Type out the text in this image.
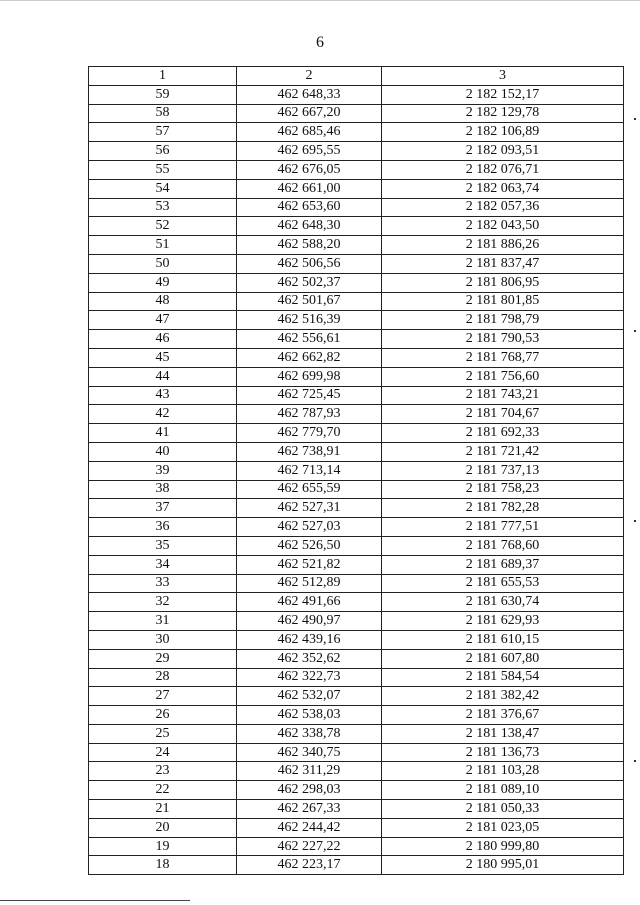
6
1	2	3
59	462 648,33	2 182 152,17
58	462 667,20	2 182 129,78
57	462 685,46	2 182 106,89
56	462 695,55	2 182 093,51
55	462 676,05	2 182 076,71
54	462 661,00	2 182 063,74
53	462 653,60	2 182 057,36
52	462 648,30	2 182 043,50
51	462 588,20	2 181 886,26
50	462 506,56	2 181 837,47
49	462 502,37	2 181 806,95
48	462 501,67	2 181 801,85
47	462 516,39	2 181 798,79
46	462 556,61	2 181 790,53
45	462 662,82	2 181 768,77
44	462 699,98	2 181 756,60
43	462 725,45	2 181 743,21
42	462 787,93	2 181 704,67
41	462 779,70	2 181 692,33
40	462 738,91	2 181 721,42
39	462 713,14	2 181 737,13
38	462 655,59	2 181 758,23
37	462 527,31	2 181 782,28
36	462 527,03	2 181 777,51
35	462 526,50	2 181 768,60
34	462 521,82	2 181 689,37
33	462 512,89	2 181 655,53
32	462 491,66	2 181 630,74
31	462 490,97	2 181 629,93
30	462 439,16	2 181 610,15
29	462 352,62	2 181 607,80
28	462 322,73	2 181 584,54
27	462 532,07	2 181 382,42
26	462 538,03	2 181 376,67
25	462 338,78	2 181 138,47
24	462 340,75	2 181 136,73
23	462 311,29	2 181 103,28
22	462 298,03	2 181 089,10
21	462 267,33	2 181 050,33
20	462 244,42	2 181 023,05
19	462 227,22	2 180 999,80
18	462 223,17	2 180 995,01
